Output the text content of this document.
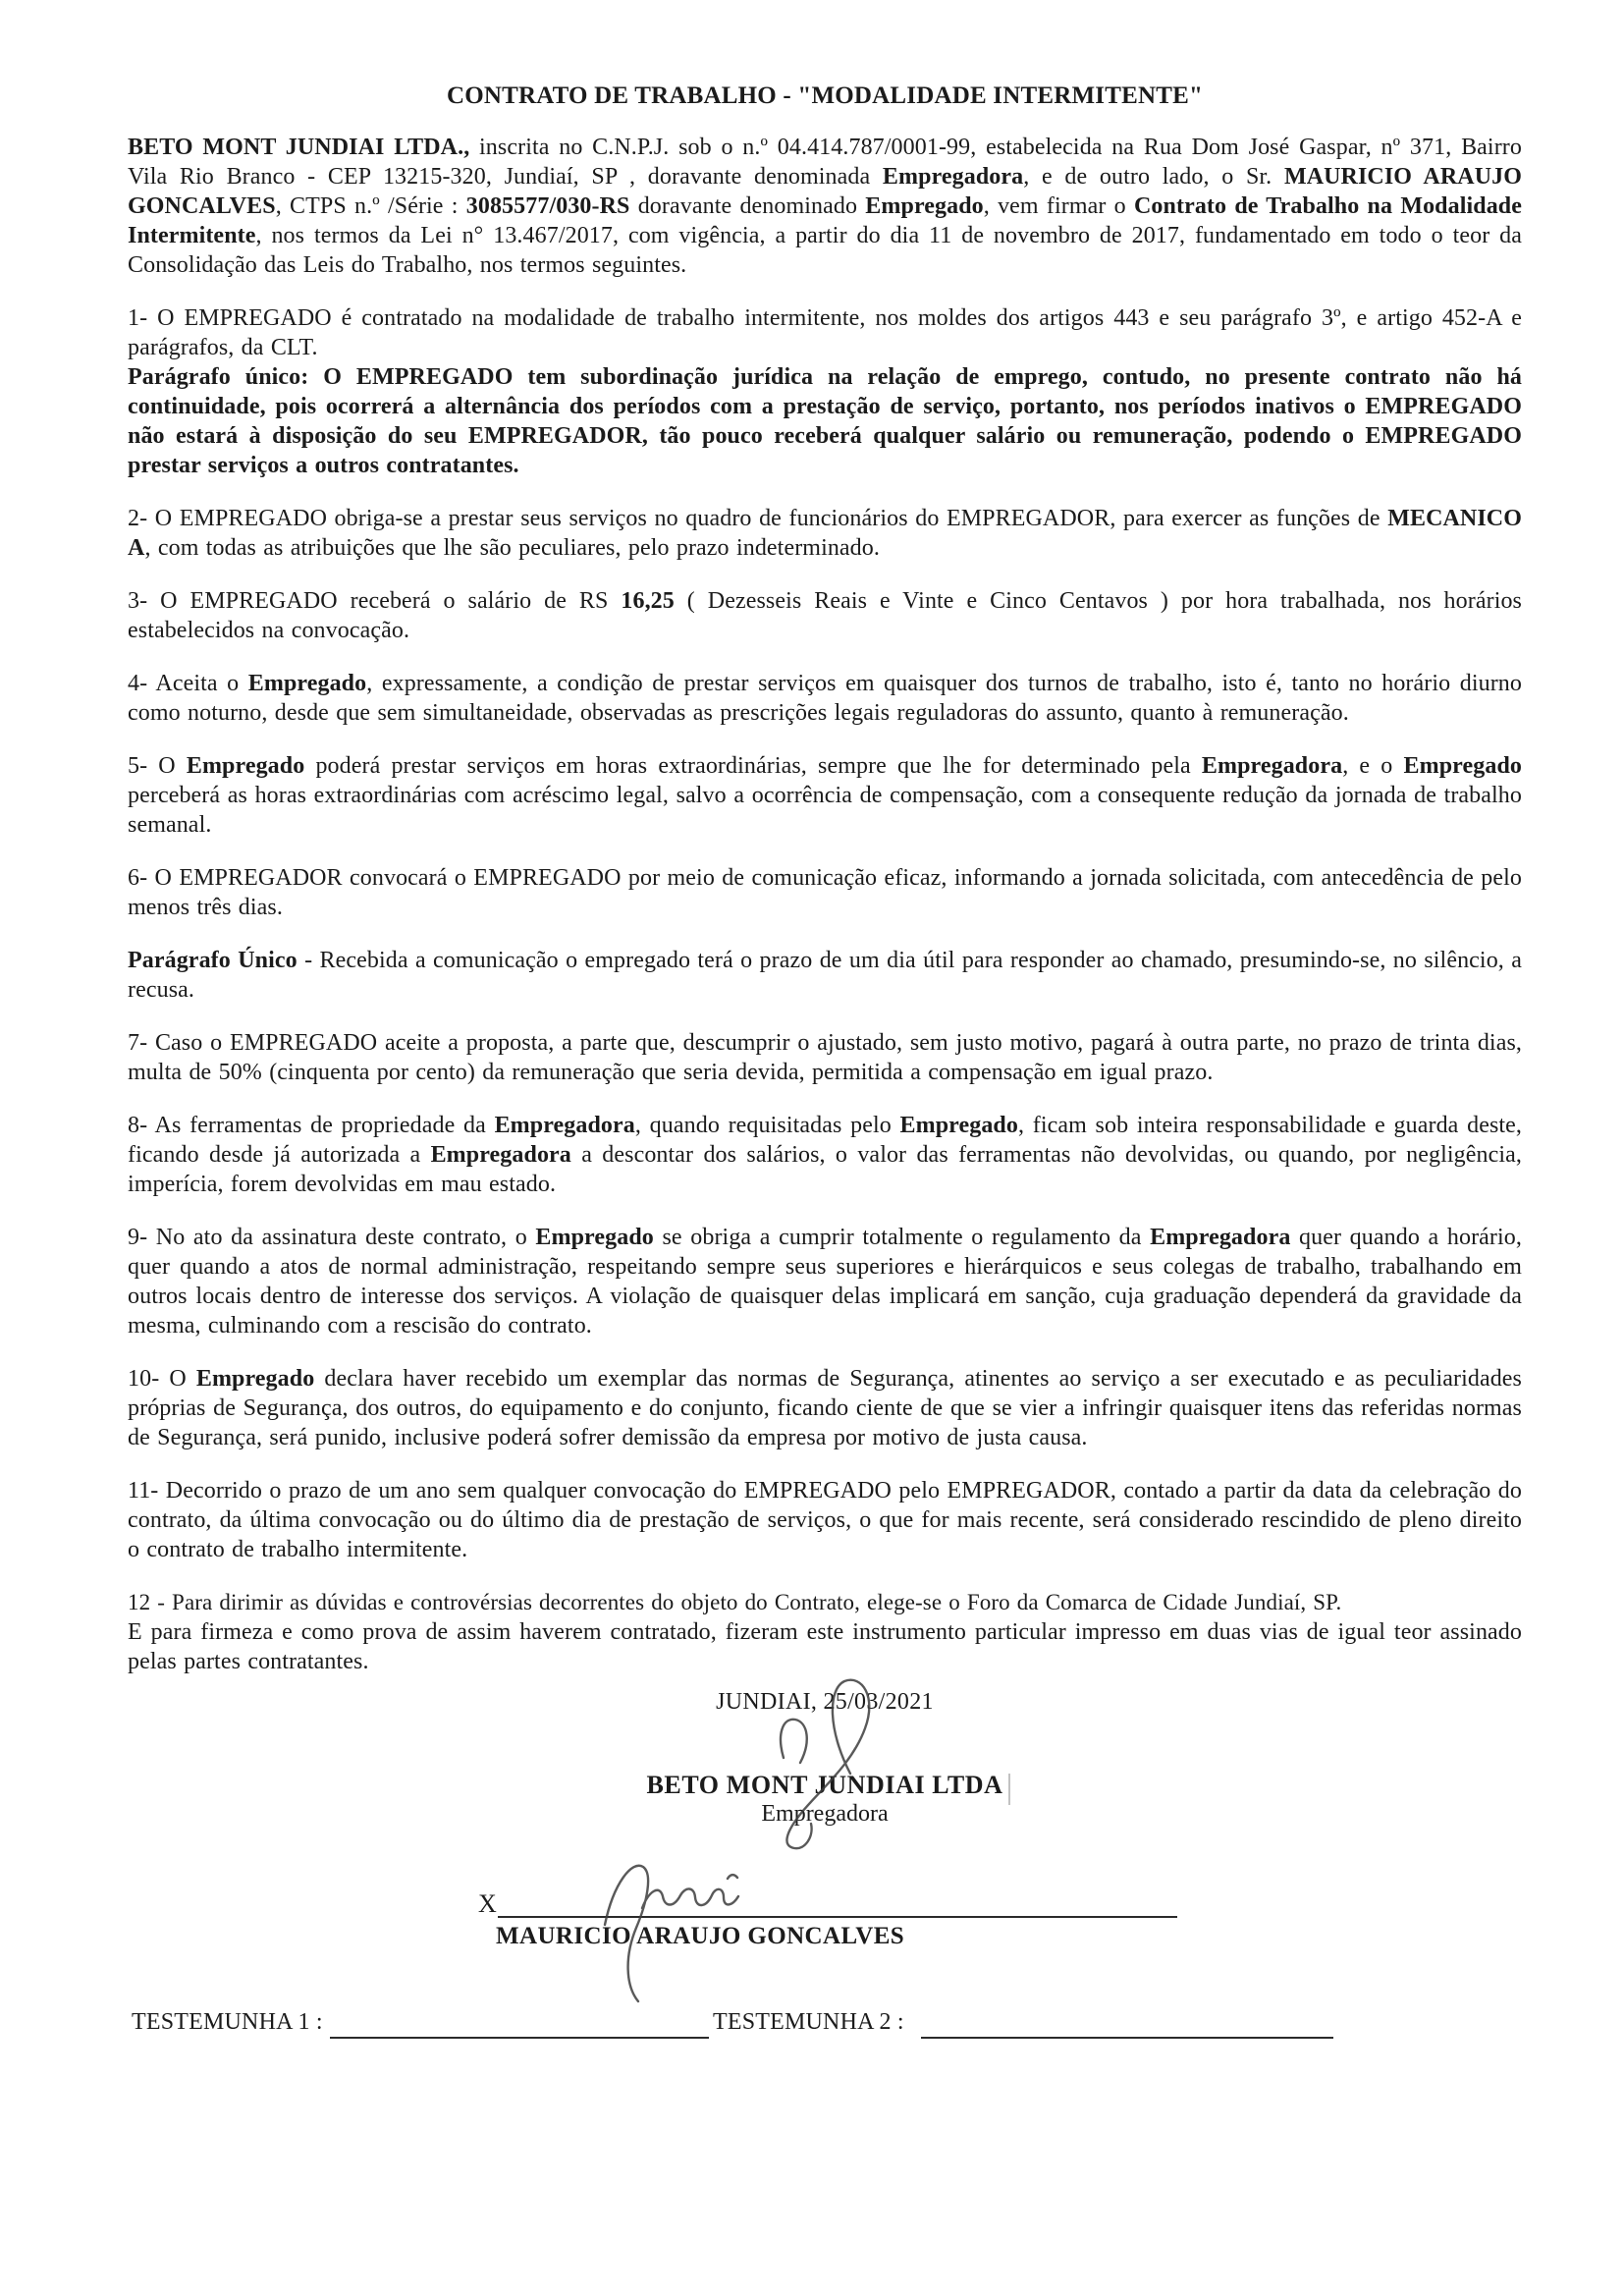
CONTRATO DE TRABALHO - "MODALIDADE INTERMITENTE"

BETO MONT JUNDIAI LTDA., inscrita no C.N.P.J. sob o n.º 04.414.787/0001-99, estabelecida na Rua Dom José Gaspar, nº 371, Bairro Vila Rio Branco - CEP 13215-320, Jundiaí, SP , doravante denominada Empregadora, e de outro lado, o Sr. MAURICIO ARAUJO GONCALVES, CTPS n.º /Série : 3085577/030-RS doravante denominado Empregado, vem firmar o Contrato de Trabalho na Modalidade Intermitente, nos termos da Lei n° 13.467/2017, com vigência, a partir do dia 11 de novembro de 2017, fundamentado em todo o teor da Consolidação das Leis do Trabalho, nos termos seguintes.

1- O EMPREGADO é contratado na modalidade de trabalho intermitente, nos moldes dos artigos 443 e seu parágrafo 3º, e artigo 452-A e parágrafos, da CLT.

Parágrafo único: O EMPREGADO tem subordinação jurídica na relação de emprego, contudo, no presente contrato não há continuidade, pois ocorrerá a alternância dos períodos com a prestação de serviço, portanto, nos períodos inativos o EMPREGADO não estará à disposição do seu EMPREGADOR, tão pouco receberá qualquer salário ou remuneração, podendo o EMPREGADO prestar serviços a outros contratantes.

2- O EMPREGADO obriga-se a prestar seus serviços no quadro de funcionários do EMPREGADOR, para exercer as funções de MECANICO A, com todas as atribuições que lhe são peculiares, pelo prazo indeterminado.

3- O EMPREGADO receberá o salário de RS 16,25 ( Dezesseis Reais e Vinte e Cinco Centavos ) por hora trabalhada, nos horários estabelecidos na convocação.

4- Aceita o Empregado, expressamente, a condição de prestar serviços em quaisquer dos turnos de trabalho, isto é, tanto no horário diurno como noturno, desde que sem simultaneidade, observadas as prescrições legais reguladoras do assunto, quanto à remuneração.

5- O Empregado poderá prestar serviços em horas extraordinárias, sempre que lhe for determinado pela Empregadora, e o Empregado perceberá as horas extraordinárias com acréscimo legal, salvo a ocorrência de compensação, com a consequente redução da jornada de trabalho semanal.

6- O EMPREGADOR convocará o EMPREGADO por meio de comunicação eficaz, informando a jornada solicitada, com antecedência de pelo menos três dias.

Parágrafo Único - Recebida a comunicação o empregado terá o prazo de um dia útil para responder ao chamado, presumindo-se, no silêncio, a recusa.

7- Caso o EMPREGADO aceite a proposta, a parte que, descumprir o ajustado, sem justo motivo, pagará à outra parte, no prazo de trinta dias, multa de 50% (cinquenta por cento) da remuneração que seria devida, permitida a compensação em igual prazo.

8- As ferramentas de propriedade da Empregadora, quando requisitadas pelo Empregado, ficam sob inteira responsabilidade e guarda deste, ficando desde já autorizada a Empregadora a descontar dos salários, o valor das ferramentas não devolvidas, ou quando, por negligência, imperícia, forem devolvidas em mau estado.

9- No ato da assinatura deste contrato, o Empregado se obriga a cumprir totalmente o regulamento da Empregadora quer quando a horário, quer quando a atos de normal administração, respeitando sempre seus superiores e hierárquicos e seus colegas de trabalho, trabalhando em outros locais dentro de interesse dos serviços. A violação de quaisquer delas implicará em sanção, cuja graduação dependerá da gravidade da mesma, culminando com a rescisão do contrato.

10- O Empregado declara haver recebido um exemplar das normas de Segurança, atinentes ao serviço a ser executado e as peculiaridades próprias de Segurança, dos outros, do equipamento e do conjunto, ficando ciente de que se vier a infringir quaisquer itens das referidas normas de Segurança, será punido, inclusive poderá sofrer demissão da empresa por motivo de justa causa.

11- Decorrido o prazo de um ano sem qualquer convocação do EMPREGADO pelo EMPREGADOR, contado a partir da data da celebração do contrato, da última convocação ou do último dia de prestação de serviços, o que for mais recente, será considerado rescindido de pleno direito o contrato de trabalho intermitente.

12 - Para dirimir as dúvidas e controvérsias decorrentes do objeto do Contrato, elege-se o Foro da Comarca de Cidade Jundiaí, SP.

E para firmeza e como prova de assim haverem contratado, fizeram este instrumento particular impresso em duas vias de igual teor assinado pelas partes contratantes.

JUNDIAI, 25/03/2021
BETO MONT JUNDIAI LTDA
Empregadora
X
MAURICIO ARAUJO GONCALVES
TESTEMUNHA 1 :	TESTEMUNHA 2 :
